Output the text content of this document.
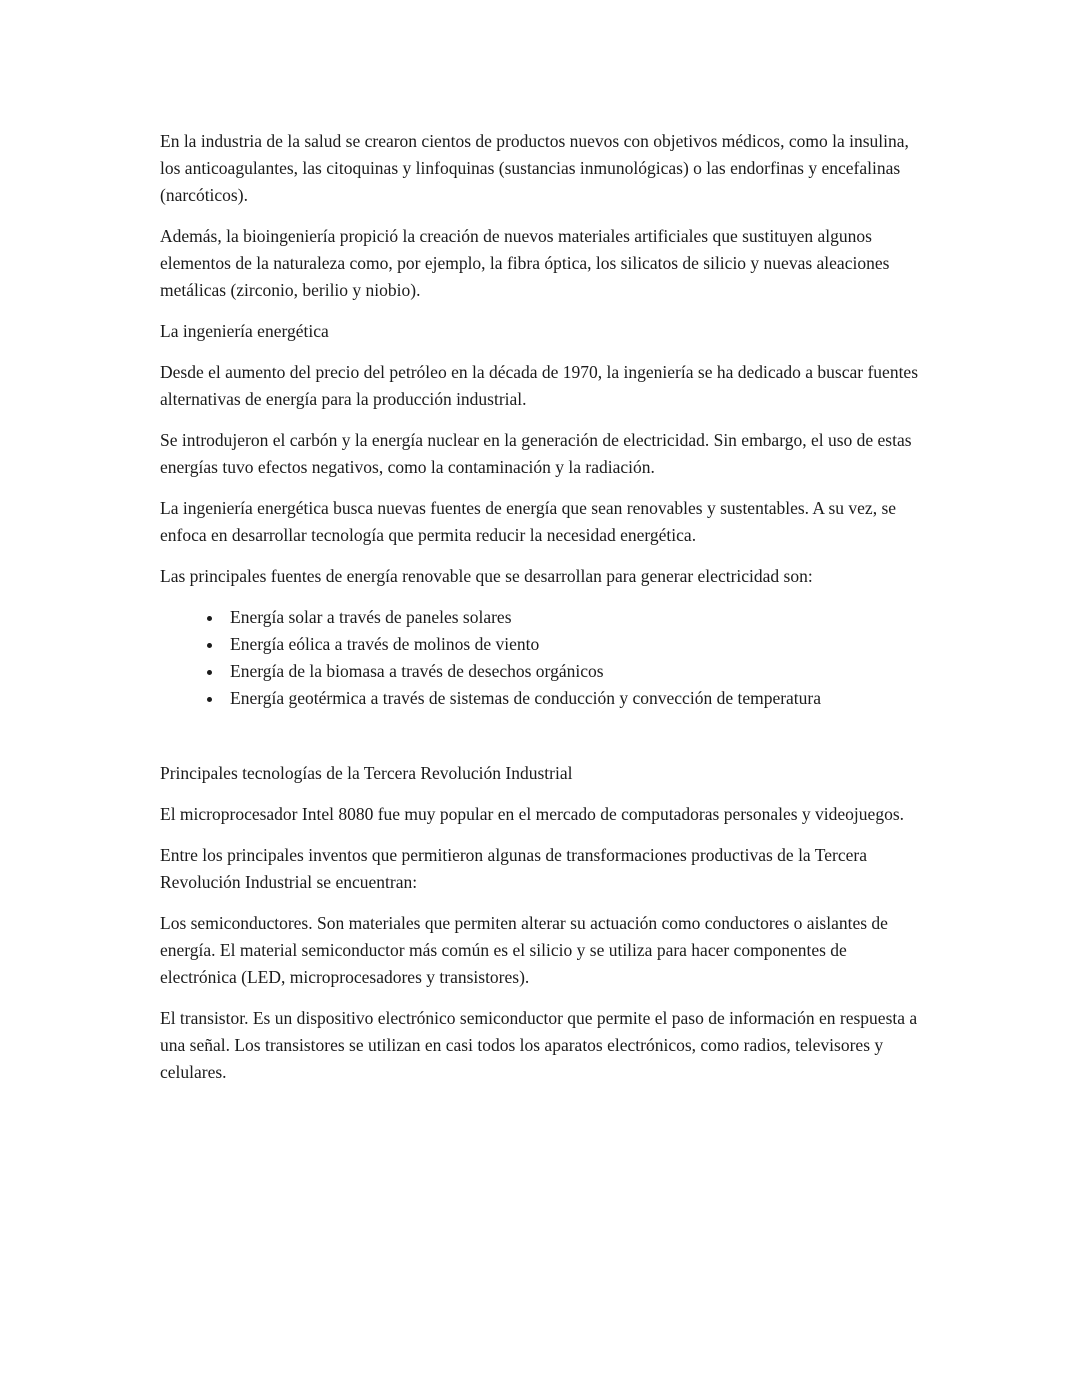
En la industria de la salud se crearon cientos de productos nuevos con objetivos médicos, como la insulina, los anticoagulantes, las citoquinas y linfoquinas (sustancias inmunológicas) o las endorfinas y encefalinas (narcóticos).

Además, la bioingeniería propició la creación de nuevos materiales artificiales que sustituyen algunos elementos de la naturaleza como, por ejemplo, la fibra óptica, los silicatos de silicio y nuevas aleaciones metálicas (zirconio, berilio y niobio).

La ingeniería energética

Desde el aumento del precio del petróleo en la década de 1970, la ingeniería se ha dedicado a buscar fuentes alternativas de energía para la producción industrial.

Se introdujeron el carbón y la energía nuclear en la generación de electricidad. Sin embargo, el uso de estas energías tuvo efectos negativos, como la contaminación y la radiación.

La ingeniería energética busca nuevas fuentes de energía que sean renovables y sustentables. A su vez, se enfoca en desarrollar tecnología que permita reducir la necesidad energética.

Las principales fuentes de energía renovable que se desarrollan para generar electricidad son:

• Energía solar a través de paneles solares
• Energía eólica a través de molinos de viento
• Energía de la biomasa a través de desechos orgánicos
• Energía geotérmica a través de sistemas de conducción y convección de temperatura

Principales tecnologías de la Tercera Revolución Industrial

El microprocesador Intel 8080 fue muy popular en el mercado de computadoras personales y videojuegos.

Entre los principales inventos que permitieron algunas de transformaciones productivas de la Tercera Revolución Industrial se encuentran:

Los semiconductores. Son materiales que permiten alterar su actuación como conductores o aislantes de energía. El material semiconductor más común es el silicio y se utiliza para hacer componentes de electrónica (LED, microprocesadores y transistores).

El transistor. Es un dispositivo electrónico semiconductor que permite el paso de información en respuesta a una señal. Los transistores se utilizan en casi todos los aparatos electrónicos, como radios, televisores y celulares.
